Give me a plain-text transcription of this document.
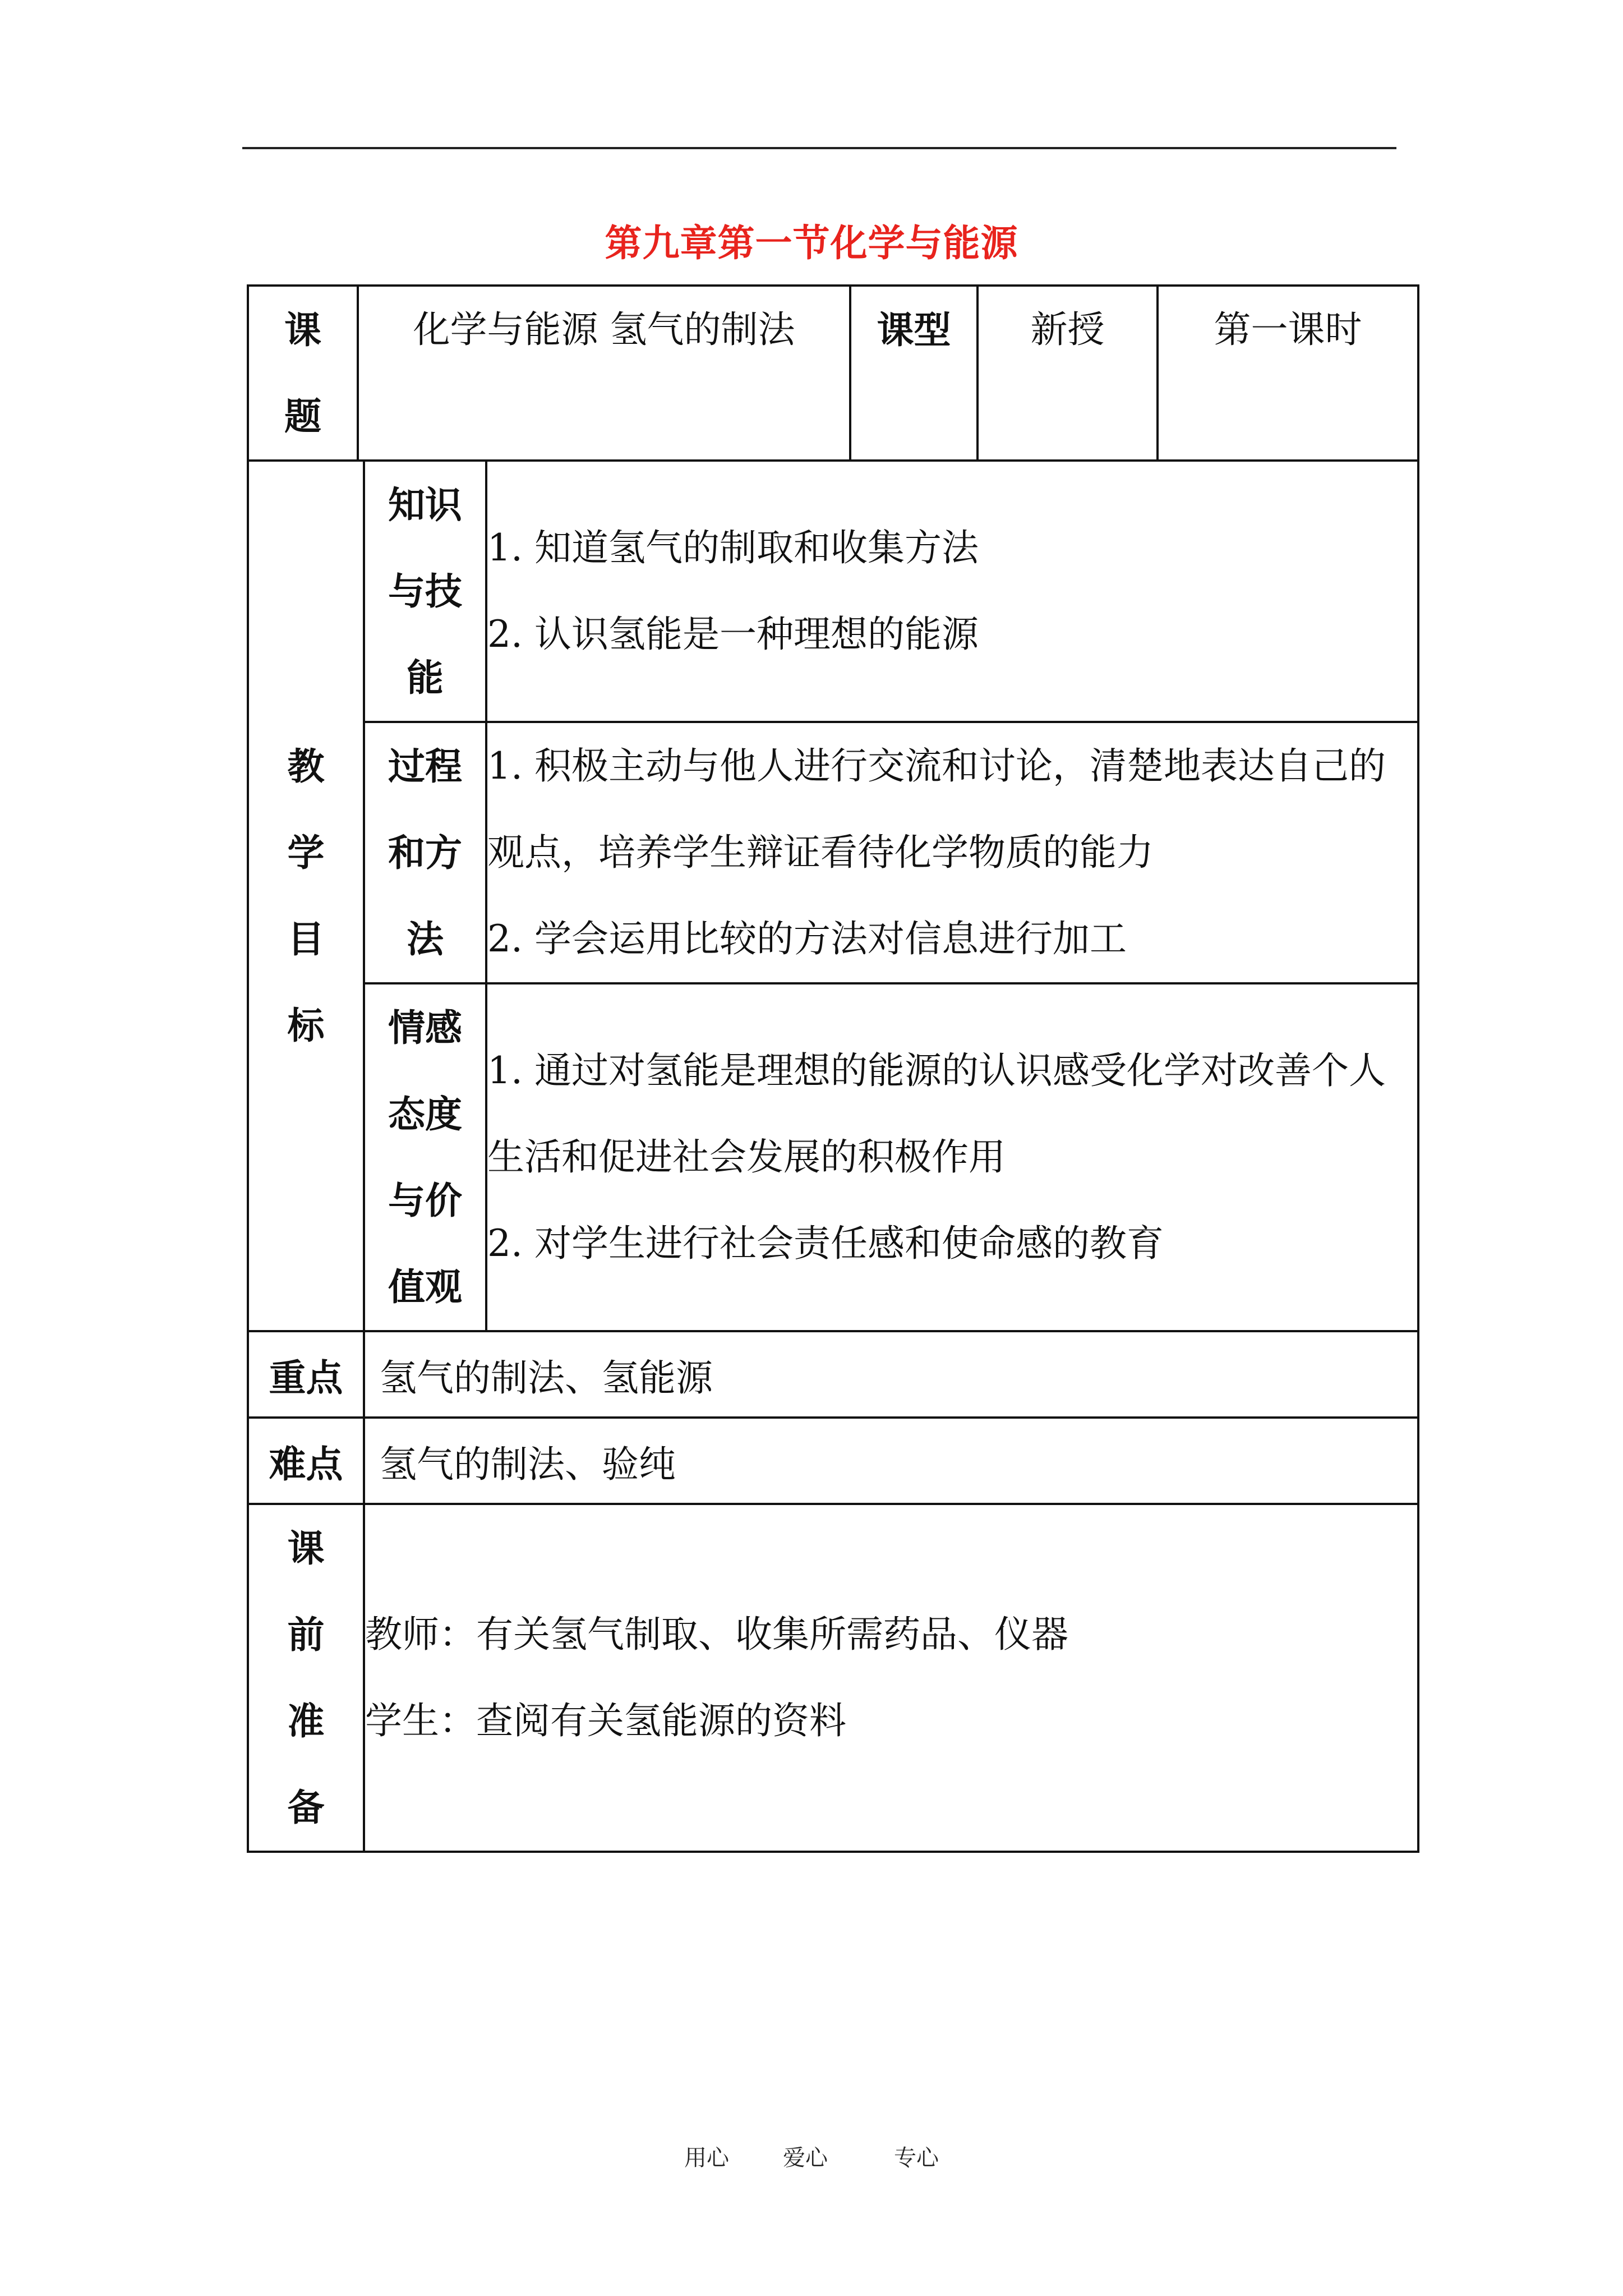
第九章第一节化学与能源
课题	化学与能源 氢气的制法			课型	新授	第一课时

教学目标		知识与技能	1. 知道氢气的制取和收集方法
2. 认识氢能是一种理想的能源			

		过程和方法	1. 积极主动与他人进行交流和讨论，清楚地表达自己的观点，培养学生辩证看待化学物质的能力
2. 学会运用比较的方法对信息进行加工			

		情感态度与价值观	1. 通过对氢能是理想的能源的认识感受化学对改善个人生活和促进社会发展的积极作用
2. 对学生进行社会责任感和使命感的教育			

重点		氢气的制法、氢能源				
难点		氢气的制法、验纯				

课前准备		教师：有关氢气制取、收集所需药品、仪器
学生：查阅有关氢能源的资料				
用心 爱心	专心
